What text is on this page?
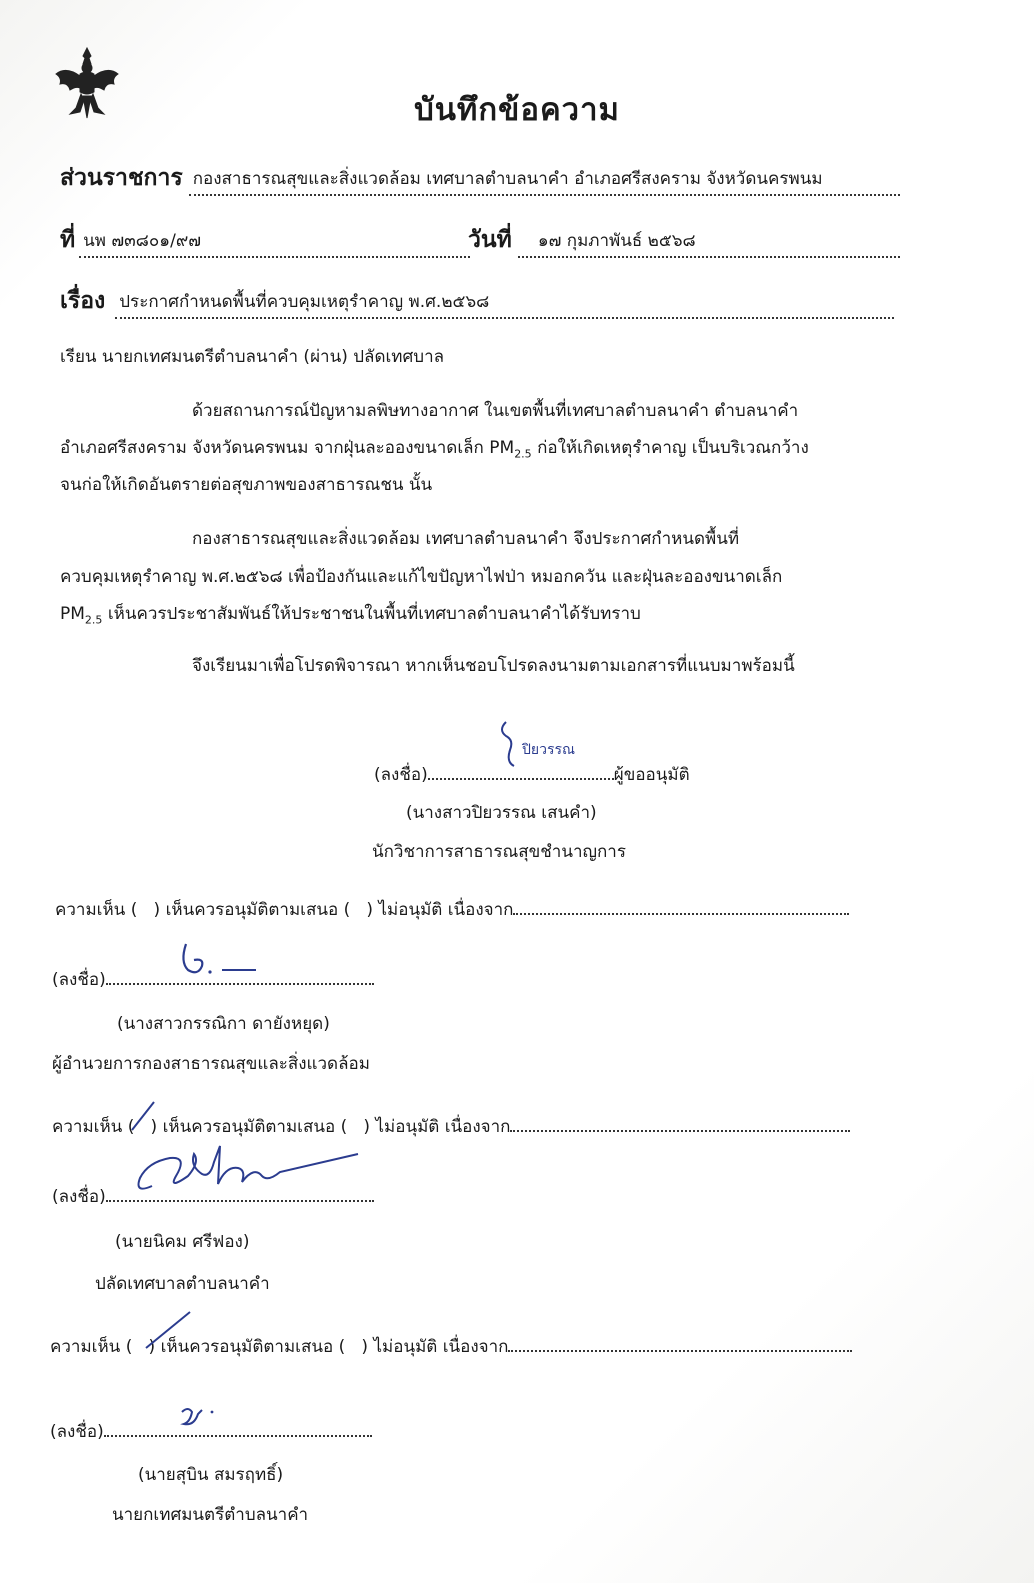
บันทึกข้อความ
ส่วนราชการ กองสาธารณสุขและสิ่งแวดล้อม เทศบาลตำบลนาคำ อำเภอศรีสงคราม จังหวัดนครพนม
ที่ นพ ๗๓๘๐๑/๙๗	วันที่	๑๗ กุมภาพันธ์ ๒๕๖๘
เรื่อง ประกาศกำหนดพื้นที่ควบคุมเหตุรำคาญ พ.ศ.๒๕๖๘
เรียน นายกเทศมนตรีตำบลนาคำ (ผ่าน) ปลัดเทศบาล
ด้วยสถานการณ์ปัญหามลพิษทางอากาศ ในเขตพื้นที่เทศบาลตำบลนาคำ ตำบลนาคำ
อำเภอศรีสงคราม จังหวัดนครพนม จากฝุ่นละอองขนาดเล็ก $PM_{2.5}$ ก่อให้เกิดเหตุรำคาญ เป็นบริเวณกว้าง
จนก่อให้เกิดอันตรายต่อสุขภาพของสาธารณชน นั้น
กองสาธารณสุขและสิ่งแวดล้อม เทศบาลตำบลนาคำ จึงประกาศกำหนดพื้นที่
ควบคุมเหตุรำคาญ พ.ศ.๒๕๖๘ เพื่อป้องกันและแก้ไขปัญหาไฟป่า หมอกควัน และฝุ่นละอองขนาดเล็ก
$PM_{2.5}$ เห็นควรประชาสัมพันธ์ให้ประชาชนในพื้นที่เทศบาลตำบลนาคำได้รับทราบ
จึงเรียนมาเพื่อโปรดพิจารณา หากเห็นชอบโปรดลงนามตามเอกสารที่แนบมาพร้อมนี้
ปิยวรรณ
(ลงชื่อ)	ผู้ขออนุมัติ
(นางสาวปิยวรรณ เสนคำ)
นักวิชาการสาธารณสุขชำนาญการ
ความเห็น (   ) เห็นควรอนุมัติตามเสนอ (   ) ไม่อนุมัติ เนื่องจาก
(ลงชื่อ)
(นางสาวกรรณิกา ดายังหยุด)
ผู้อำนวยการกองสาธารณสุขและสิ่งแวดล้อม
ความเห็น (   ) เห็นควรอนุมัติตามเสนอ (   ) ไม่อนุมัติ เนื่องจาก
(ลงชื่อ)
(นายนิคม ศรีฟอง)
ปลัดเทศบาลตำบลนาคำ
ความเห็น (   ) เห็นควรอนุมัติตามเสนอ (   ) ไม่อนุมัติ เนื่องจาก
(ลงชื่อ)
(นายสุบิน สมรฤทธิ์)
นายกเทศมนตรีตำบลนาคำ
